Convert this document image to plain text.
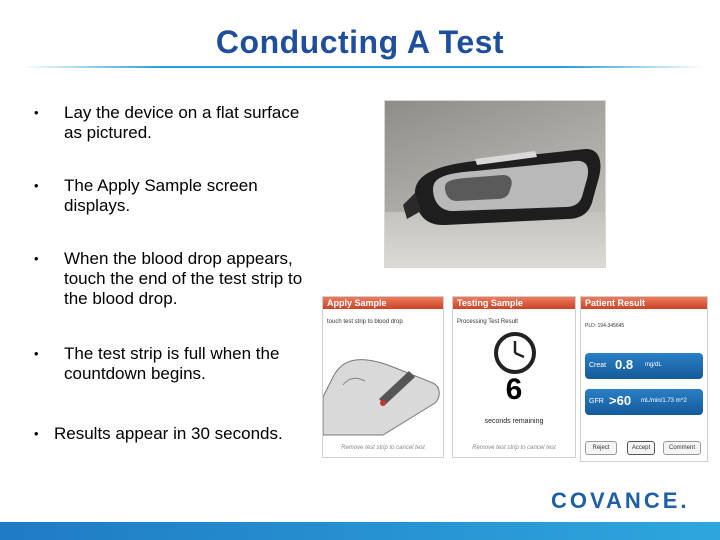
Conducting A Test
• Lay the device on a flat surface
as pictured.
• The Apply Sample screen
displays.
• When the blood drop appears,
touch the end of the test strip to
the blood drop.
• The test strip is full when the
countdown begins.
• Results appear in 30 seconds.
Apply Sample
touch test strip to blood drop
Remove test strip to cancel test
Testing Sample
Processing Test Result
6
seconds remaining
Remove test strip to cancel test
Patient Result
PLD: 194-345645
Creat 0.8 mg/dL
GFR >60 mL/min/1.73 m^2
Reject	Accept	Comment
COVANCE.
